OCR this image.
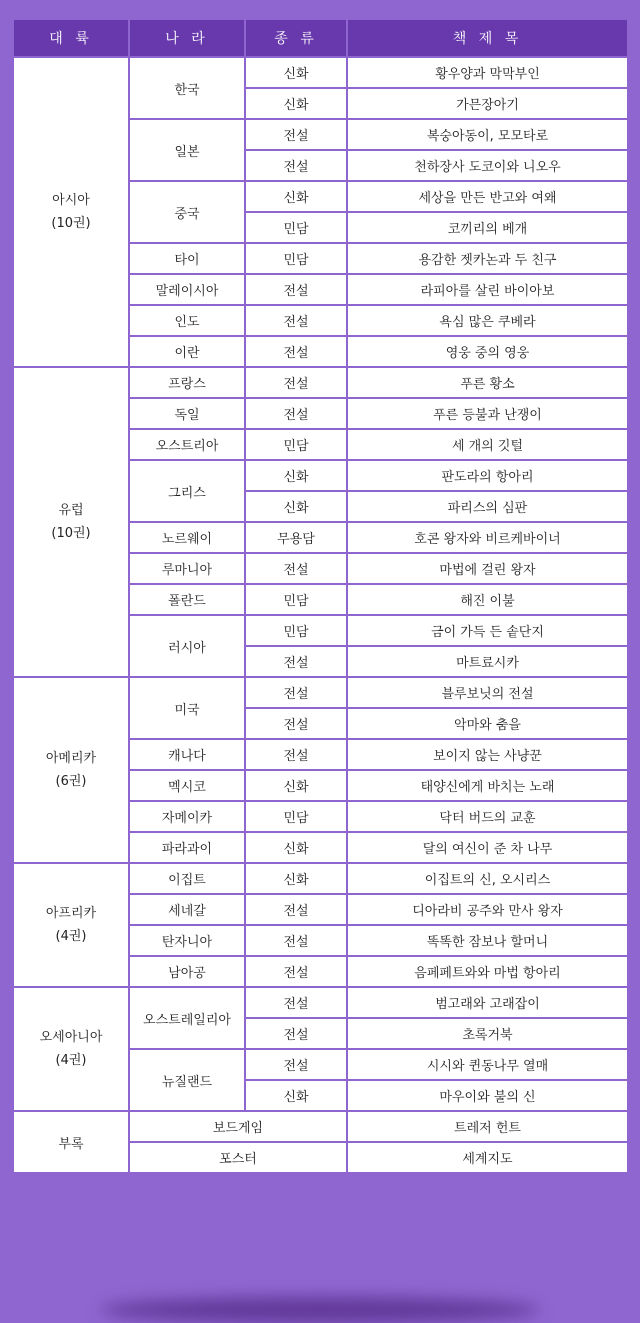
대 륙	나 라	종 류	책 제 목

아시아
(10권)	한국	신화	황우양과 막막부인
		신화	가믄장아기
	일본	전설	복숭아동이, 모모타로
		전설	천하장사 도코이와 니오우
	중국	신화	세상을 만든 반고와 여왜
		민담	코끼리의 베개
	타이	민담	용감한 젯카논과 두 친구
	말레이시아	전설	라피아를 살린 바이아보
	인도	전설	욕심 많은 쿠베라
	이란	전설	영웅 중의 영웅

유럽
(10권)	프랑스	전설	푸른 황소
	독일	전설	푸른 등불과 난쟁이
	오스트리아	민담	세 개의 깃털
	그리스	신화	판도라의 항아리
		신화	파리스의 심판
	노르웨이	무용담	호콘 왕자와 비르케바이너
	루마니아	전설	마법에 걸린 왕자
	폴란드	민담	해진 이불
	러시아	민담	금이 가득 든 솥단지
		전설	마트료시카

아메리카
(6권)	미국	전설	블루보닛의 전설
		전설	악마와 춤을
	캐나다	전설	보이지 않는 사냥꾼
	멕시코	신화	태양신에게 바치는 노래
	자메이카	민담	닥터 버드의 교훈
	파라과이	신화	달의 여신이 준 차 나무

아프리카
(4권)	이집트	신화	이집트의 신, 오시리스
	세네갈	전설	디아라비 공주와 만사 왕자
	탄자니아	전설	똑똑한 잠보나 할머니
	남아공	전설	음페페트와와 마법 항아리

오세아니아
(4권)	오스트레일리아	전설	범고래와 고래잡이
		전설	초록거북
	뉴질랜드	전설	시시와 퀸동나무 열매
		신화	마우이와 불의 신
부록	보드게임		트레저 헌트
	포스터		세계지도
